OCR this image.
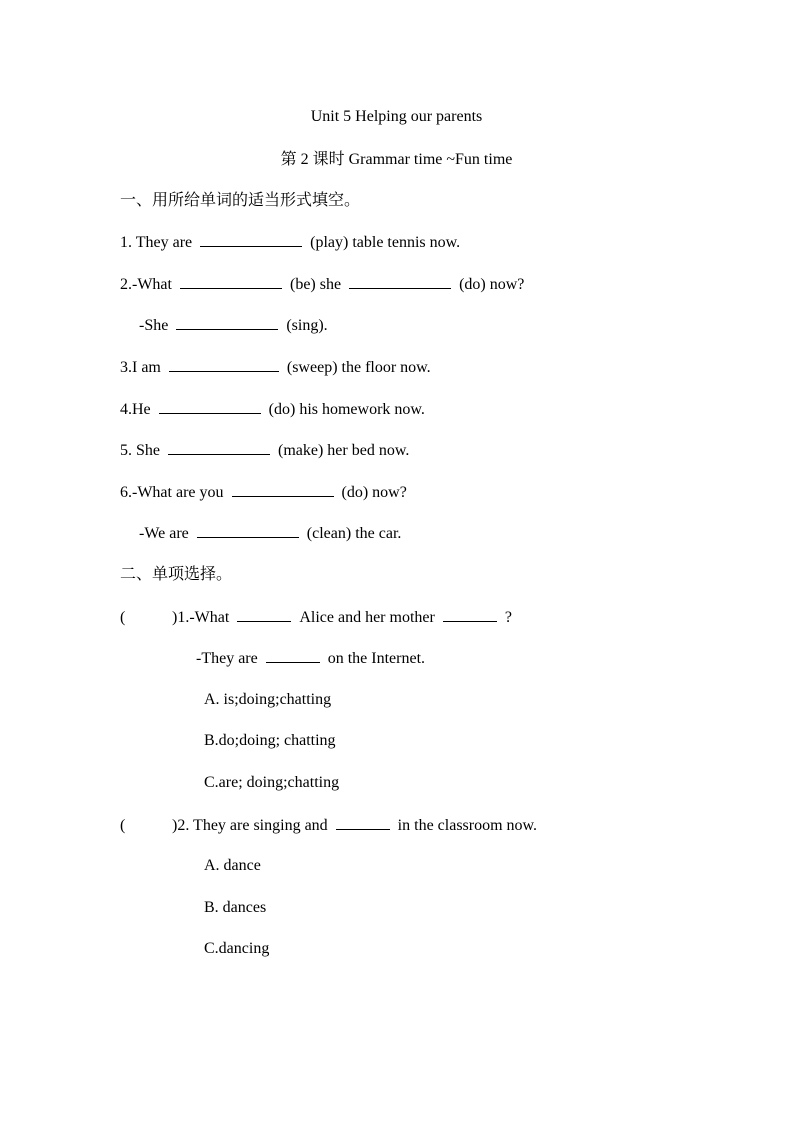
Unit 5 Helping our parents
第 2 课时 Grammar time ~Fun time
一、用所给单词的适当形式填空。
1. They are	(play) table tennis now.
2.-What	(be) she	(do) now?
-She	(sing).
3.I am	(sweep) the floor now.
4.He	(do) his homework now.
5. She	(make) her bed now.
6.-What are you	(do) now?
-We are	(clean) the car.
二、单项选择。
(	)1.-What	Alice and her mother	?
-They are	on the Internet.
A. is;doing;chatting
B.do;doing; chatting
C.are; doing;chatting
(	)2. They are singing and	in the classroom now.
A. dance
B. dances
C.dancing
